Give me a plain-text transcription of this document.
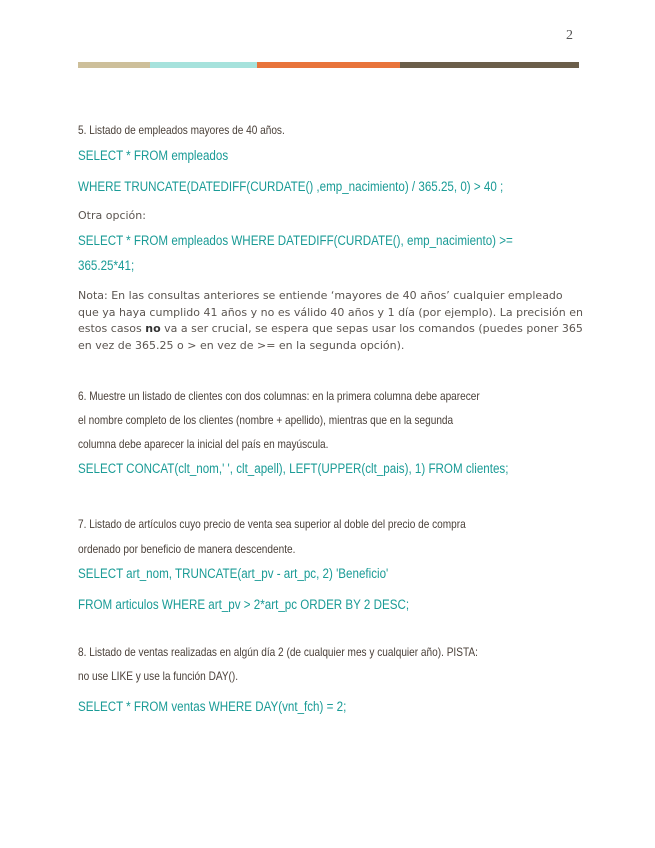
2
5. Listado de empleados mayores de 40 años.
SELECT * FROM empleados
WHERE TRUNCATE(DATEDIFF(CURDATE() ,emp_nacimiento) / 365.25, 0) > 40 ;
Otra opción:
SELECT * FROM empleados WHERE DATEDIFF(CURDATE(), emp_nacimiento) >=
365.25*41;
Nota: En las consultas anteriores se entiende ‘mayores de 40 años’ cualquier empleado que ya haya cumplido 41 años y no es válido 40 años y 1 día (por ejemplo). La precisión en estos casos no va a ser crucial, se espera que sepas usar los comandos (puedes poner 365 en vez de 365.25 o > en vez de >= en la segunda opción).
6. Muestre un listado de clientes con dos columnas: en la primera columna debe aparecer
el nombre completo de los clientes (nombre + apellido), mientras que en la segunda
columna debe aparecer la inicial del país en mayúscula.
SELECT CONCAT(clt_nom,' ', clt_apell), LEFT(UPPER(clt_pais), 1) FROM clientes;
7. Listado de artículos cuyo precio de venta sea superior al doble del precio de compra
ordenado por beneficio de manera descendente.
SELECT art_nom, TRUNCATE(art_pv - art_pc, 2) 'Beneficio'
FROM articulos WHERE art_pv > 2*art_pc ORDER BY 2 DESC;
8. Listado de ventas realizadas en algún día 2 (de cualquier mes y cualquier año). PISTA:
no use LIKE y use la función DAY().
SELECT * FROM ventas WHERE DAY(vnt_fch) = 2;
